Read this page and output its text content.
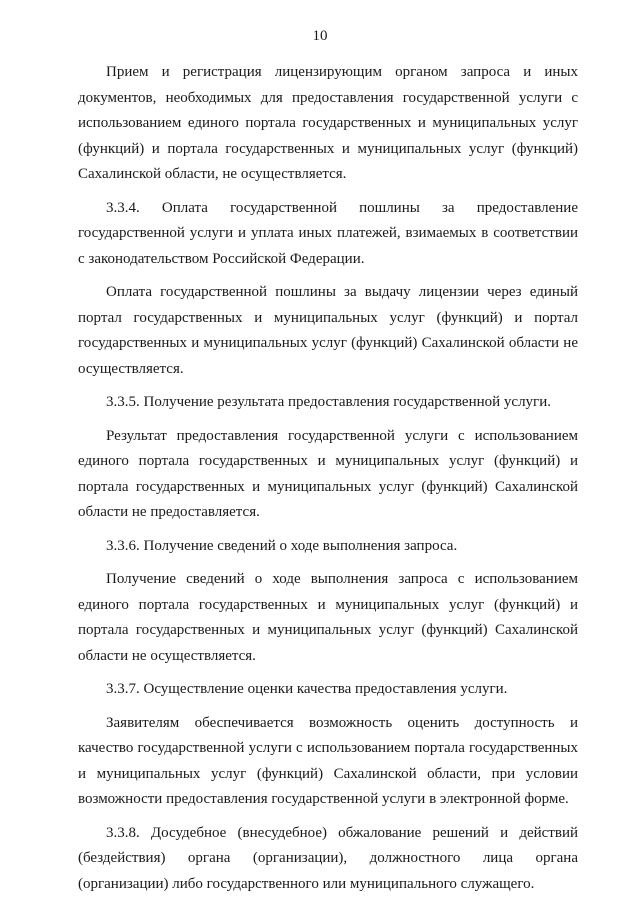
10

Прием и регистрация лицензирующим органом запроса и иных документов, необходимых для предоставления государственной услуги с использованием единого портала государственных и муниципальных услуг (функций) и портала государственных и муниципальных услуг (функций) Сахалинской области, не осуществляется.

3.3.4. Оплата государственной пошлины за предоставление государственной услуги и уплата иных платежей, взимаемых в соответствии с законодательством Российской Федерации.

Оплата государственной пошлины за выдачу лицензии через единый портал государственных и муниципальных услуг (функций) и портал государственных и муниципальных услуг (функций) Сахалинской области не осуществляется.

3.3.5. Получение результата предоставления государственной услуги.

Результат предоставления государственной услуги с использованием единого портала государственных и муниципальных услуг (функций) и портала государственных и муниципальных услуг (функций) Сахалинской области не предоставляется.

3.3.6. Получение сведений о ходе выполнения запроса.

Получение сведений о ходе выполнения запроса с использованием единого портала государственных и муниципальных услуг (функций) и портала государственных и муниципальных услуг (функций) Сахалинской области не осуществляется.

3.3.7. Осуществление оценки качества предоставления услуги.

Заявителям обеспечивается возможность оценить доступность и качество государственной услуги с использованием портала государственных и муниципальных услуг (функций) Сахалинской области, при условии возможности предоставления государственной услуги в электронной форме.

3.3.8. Досудебное (внесудебное) обжалование решений и действий (бездействия) органа (организации), должностного лица органа (организации) либо государственного или муниципального служащего.
